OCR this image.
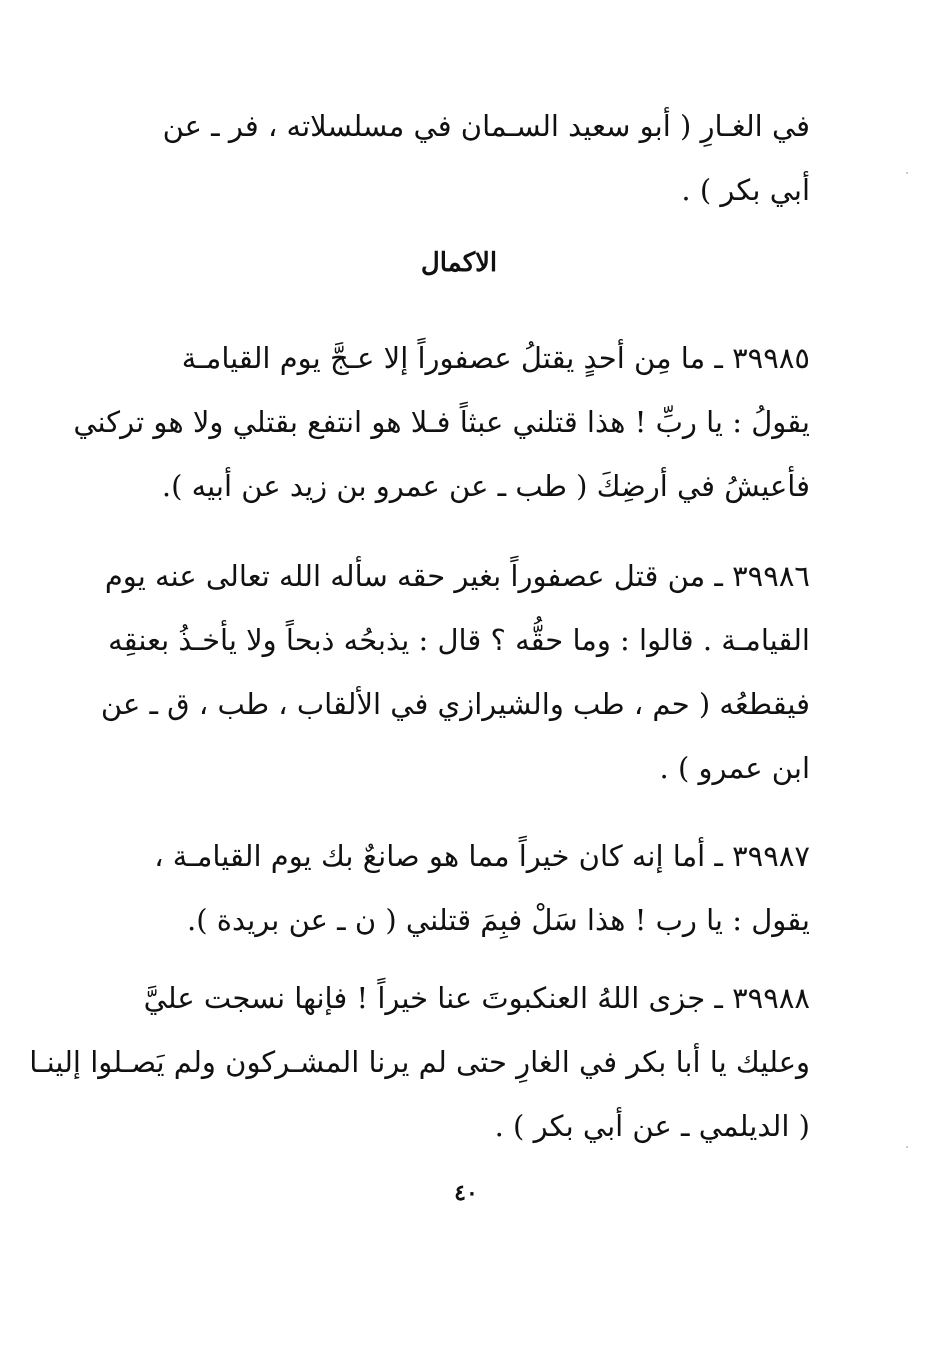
في الغـارِ ( أبو سعيد السـمان في مسلسلاته ، فر ـ عن
أبي بكر ) .
الاكمال
٣٩٩٨٥ ـ ما مِن أحدٍ يقتلُ عصفوراً إلا عـجَّ يوم القيامـة
يقولُ : يا ربِّ ! هذا قتلني عبثاً فـلا هو انتفع بقتلي ولا هو تركني
فأعيشُ في أرضِكَ ( طب ـ عن عمرو بن زيد عن أبيه ).
٣٩٩٨٦ ـ من قتل عصفوراً بغير حقه سأله الله تعالى عنه يوم
القيامـة . قالوا : وما حقُّه ؟ قال : يذبحُه ذبحاً ولا يأخـذُ بعنقِه
فيقطعُه ( حم ، طب والشيرازي في الألقاب ، طب ، ق ـ عن
ابن عمرو ) .
٣٩٩٨٧ ـ أما إنه كان خيراً مما هو صانعٌ بك يوم القيامـة ،
يقول : يا رب ! هذا سَلْ فبِمَ قتلني ( ن ـ عن بريدة ).
٣٩٩٨٨ ـ جزى اللهُ العنكبوتَ عنا خيراً ! فإنها نسجت عليَّ
وعليك يا أبا بكر في الغارِ حتى لم يرنا المشـركون ولم يَصـلوا إلينـا
( الديلمي ـ عن أبي بكر ) .
٤٠
